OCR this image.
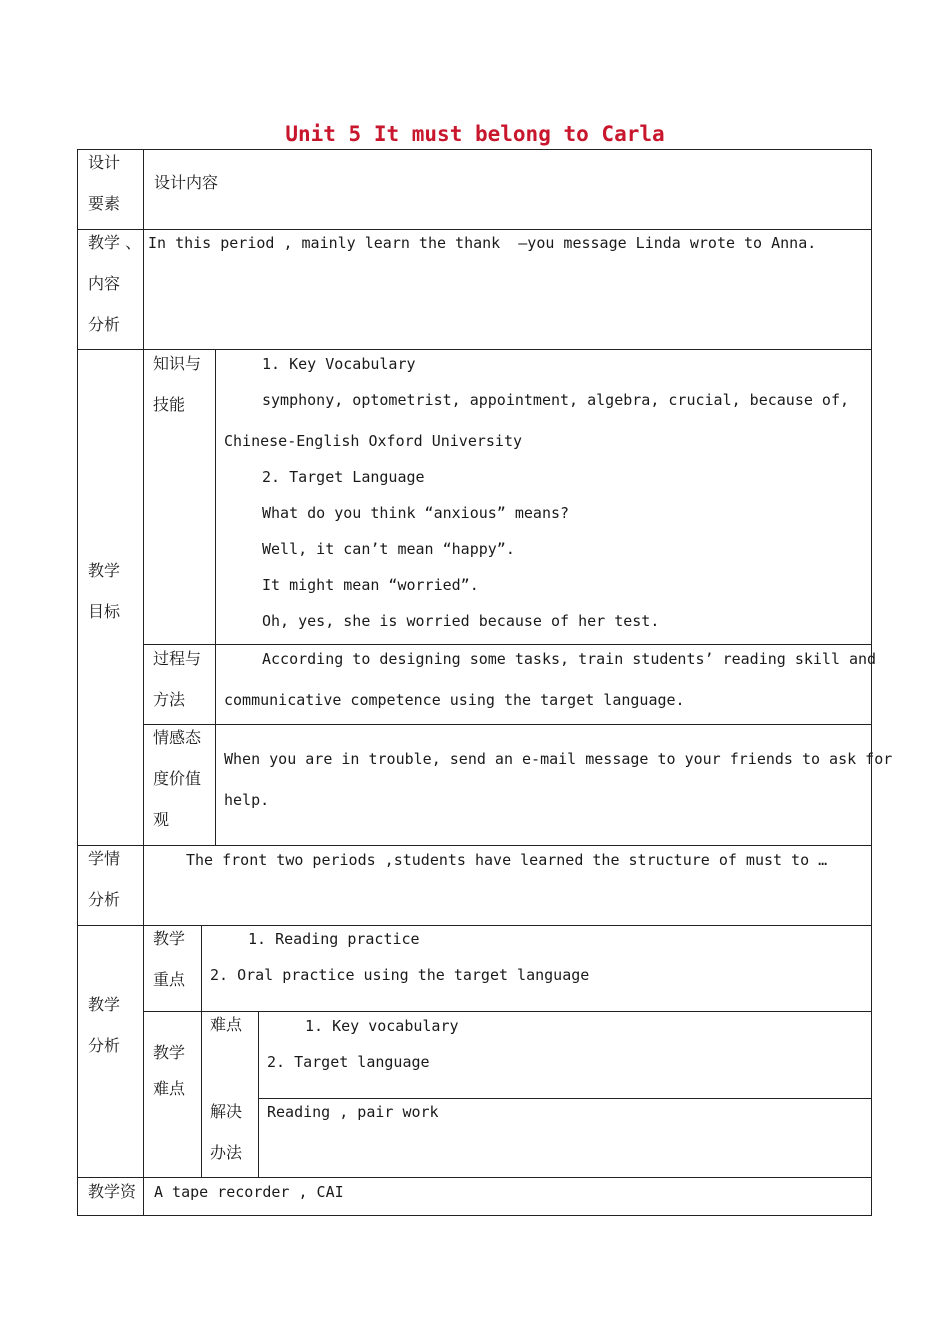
Unit 5 It must belong to Carla
设计
要素
设计内容
教学 、
内容
分析
In this period , mainly learn the thank  –you message Linda wrote to Anna.
教学
目标
知识与
技能
1. Key Vocabulary
symphony, optometrist, appointment, algebra, crucial, because of,
Chinese-English Oxford University
2. Target Language
What do you think “anxious” means?
Well, it can’t mean “happy”.
It might mean “worried”.
Oh, yes, she is worried because of her test.
过程与
方法
According to designing some tasks, train students’ reading skill and
communicative competence using the target language.
情感态
度价值
观
When you are in trouble, send an e-mail message to your friends to ask for
help.
学情
分析
The front two periods ,students have learned the structure of must to …
教学
分析
教学
重点
1. Reading practice
2. Oral practice using the target language
教学
难点
难点	1. Key vocabulary
2. Target language
解决
办法
Reading , pair work
教学资 A tape recorder , CAI
